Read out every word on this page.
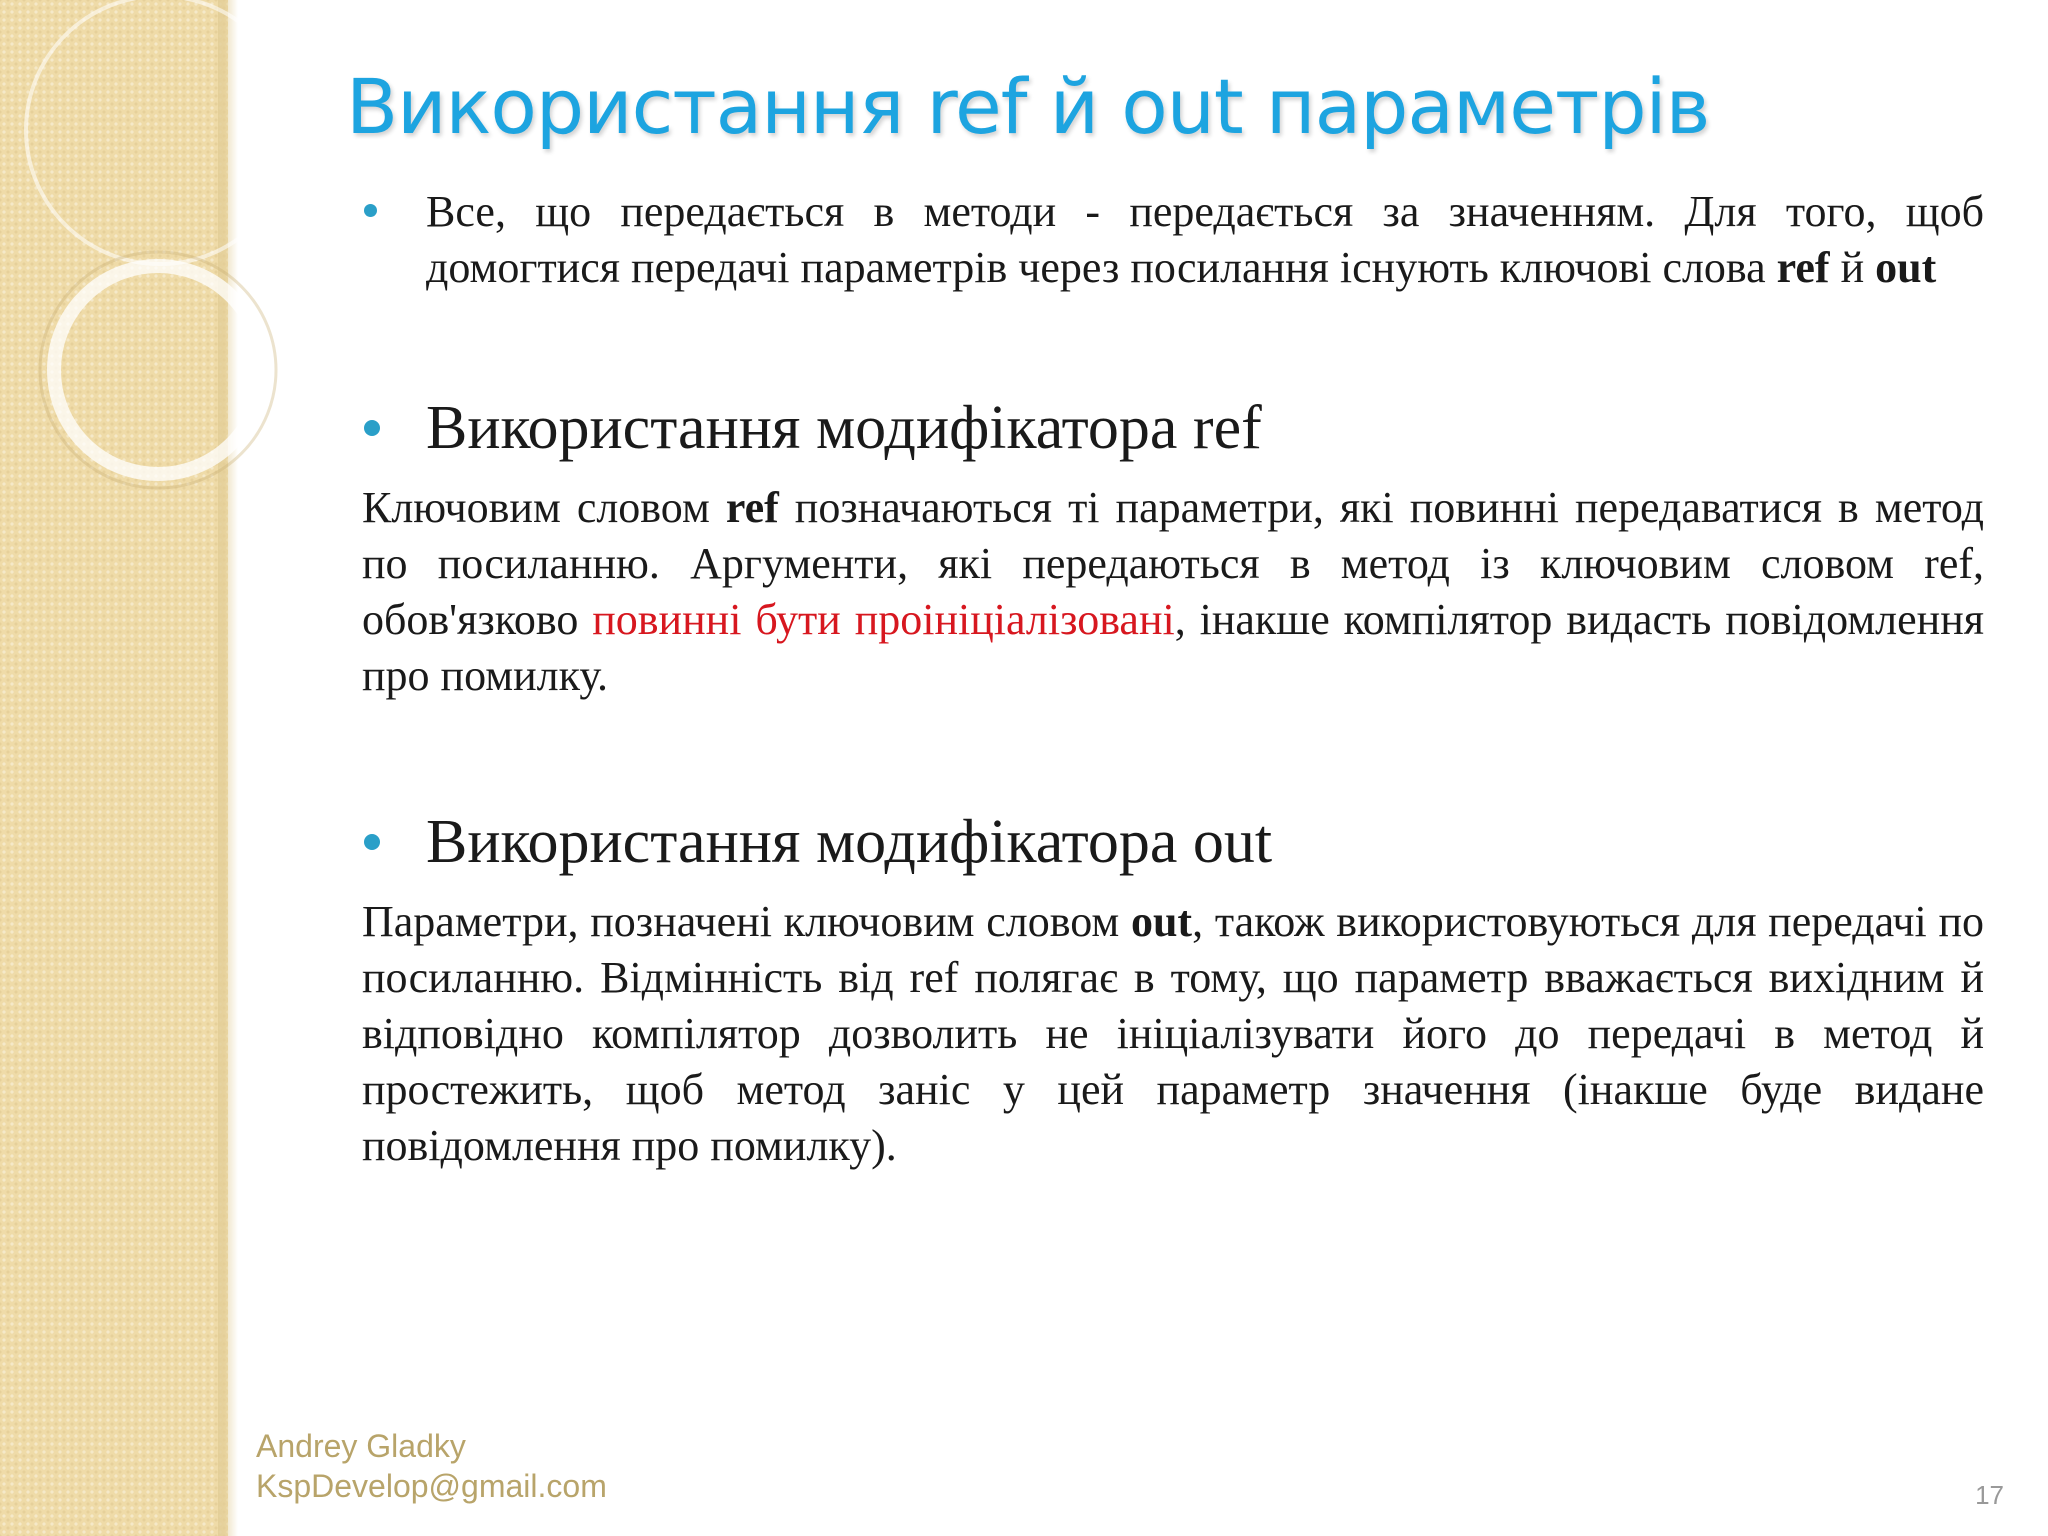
Використання ref й out параметрів
Все, що передається в методи - передається за значенням. Для того, щоб домогтися передачі параметрів через посилання існують ключові слова ref й out
Використання модифікатора ref
Ключовим словом ref позначаються ті параметри, які повинні передаватися в метод по посиланню. Аргументи, які передаються в метод із ключовим словом ref, обов'язково повинні бути проініціалізовані, інакше компілятор видасть повідомлення про помилку.
Використання модифікатора out
Параметри, позначені ключовим словом out, також використовуються для передачі по посиланню. Відмінність від ref полягає в тому, що параметр вважається вихідним й відповідно компілятор дозволить не ініціалізувати його до передачі в метод й простежить, щоб метод заніс у цей параметр значення (інакше буде видане повідомлення про помилку).
Andrey Gladky
KspDevelop@gmail.com	17
